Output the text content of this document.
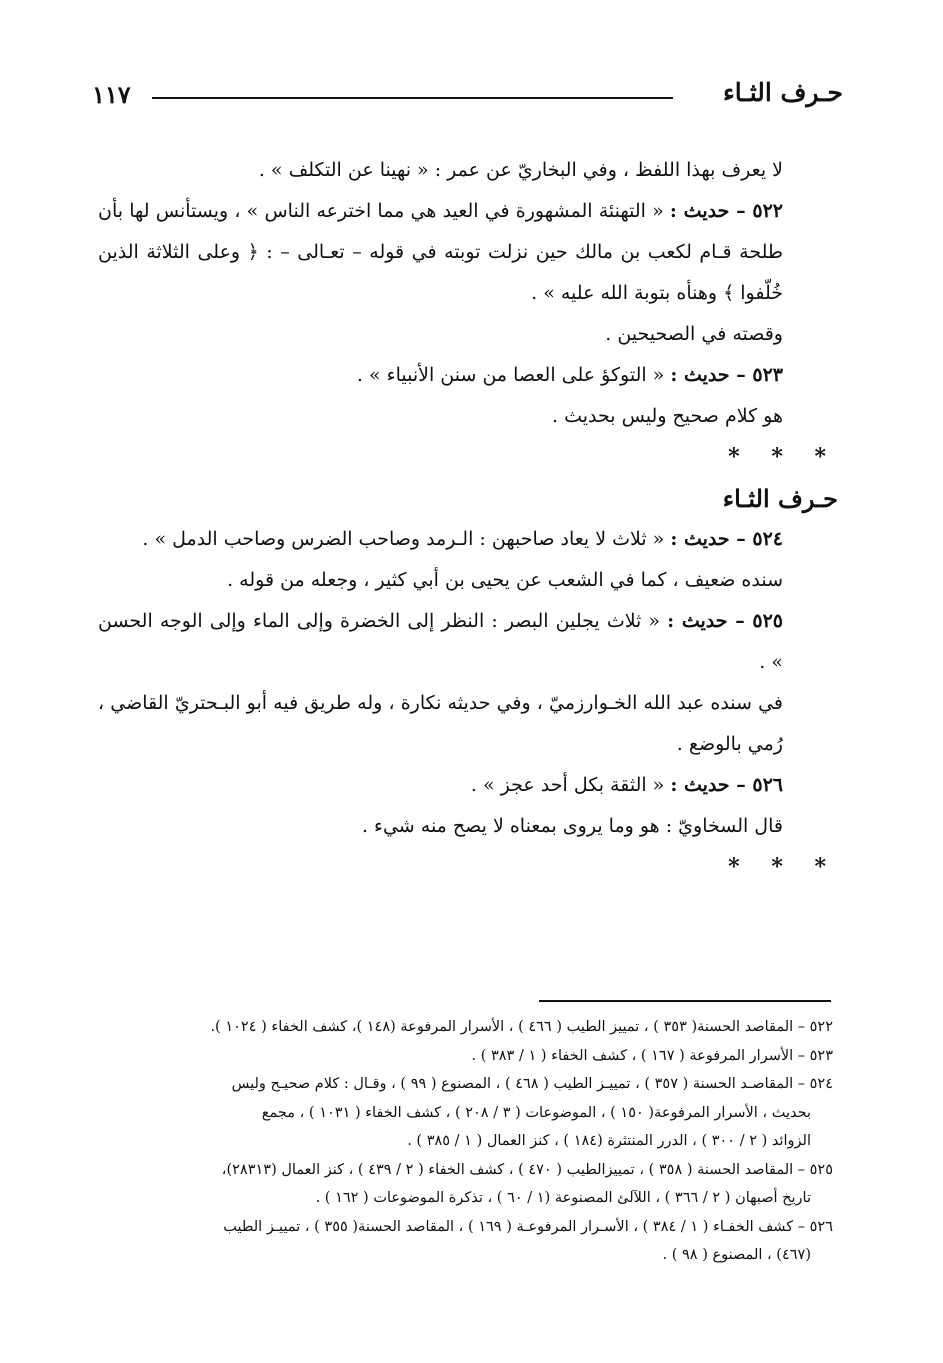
١١٧	حـرف الثـاء

لا يعرف بهذا اللفظ ، وفي البخاريّ عن عمر : « نهينا عن التكلف » .

٥٢٢ – حديث : « التهنئة المشهورة في العيد هي مما اخترعه الناس » ، ويستأنس لها بأن طلحة قـام لكعب بن مالك حين نزلت توبته في قوله – تعـالى – : ﴿ وعلى الثلاثة الذين خُلّفوا ﴾ وهنأه بتوبة الله عليه » .

وقصته في الصحيحين .

٥٢٣ – حديث : « التوكؤ على العصا من سنن الأنبياء » .

هو كلام صحيح وليس بحديث .

* * *

حـرف الثـاء

٥٢٤ – حديث : « ثلاث لا يعاد صاحبهن : الـرمد وصاحب الضرس وصاحب الدمل » .

سنده ضعيف ، كما في الشعب عن يحيى بن أبي كثير ، وجعله من قوله .

٥٢٥ – حديث : « ثلاث يجلين البصر : النظر إلى الخضرة وإلى الماء وإلى الوجه الحسن » .

في سنده عبد الله الخـوارزميّ ، وفي حديثه نكارة ، وله طريق فيه أبو البـحتريّ القاضي ، رُمي بالوضع .

٥٢٦ – حديث : « الثقة بكل أحد عجز » .

قال السخاويّ : هو وما يروى بمعناه لا يصح منه شيء .

* * *

٥٢٢ – المقاصد الحسنة( ٣٥٣ ) ، تمييز الطيب ( ٤٦٦ ) ، الأسرار المرفوعة (١٤٨ )، كشف الخفاء ( ١٠٢٤ ).

٥٢٣ – الأسرار المرفوعة ( ١٦٧ ) ، كشف الخفاء ( ١ / ٣٨٣ ) .

٥٢٤ – المقاصـد الحسنة ( ٣٥٧ ) ، تمييـز الطيب ( ٤٦٨ ) ، المصنوع ( ٩٩ ) ، وقـال : كلام صحيـح وليس

بحديث ، الأسرار المرفوعة( ١٥٠ ) ، الموضوعات ( ٣ / ٢٠٨ ) ، كشف الخفاء ( ١٠٣١ ) ، مجمع

الزوائد ( ٢ / ٣٠٠ ) ، الدرر المنتثرة (١٨٤ ) ، كنز العمال ( ١ / ٣٨٥ ) .

٥٢٥ – المقاصد الحسنة ( ٣٥٨ ) ، تمييزالطيب ( ٤٧٠ ) ، كشف الخفاء ( ٢ / ٤٣٩ ) ، كنز العمال (٢٨٣١٣)،

تاريخ أصبهان ( ٢ / ٣٦٦ ) ، اللآلئ المصنوعة (١ / ٦٠ ) ، تذكرة الموضوعات ( ١٦٢ ) .

٥٢٦ – كشف الخفـاء ( ١ / ٣٨٤ ) ، الأسـرار المرفوعـة ( ١٦٩ ) ، المقاصد الحسنة( ٣٥٥ ) ، تمييـز الطيب

(٤٦٧) ، المصنوع ( ٩٨ ) .
